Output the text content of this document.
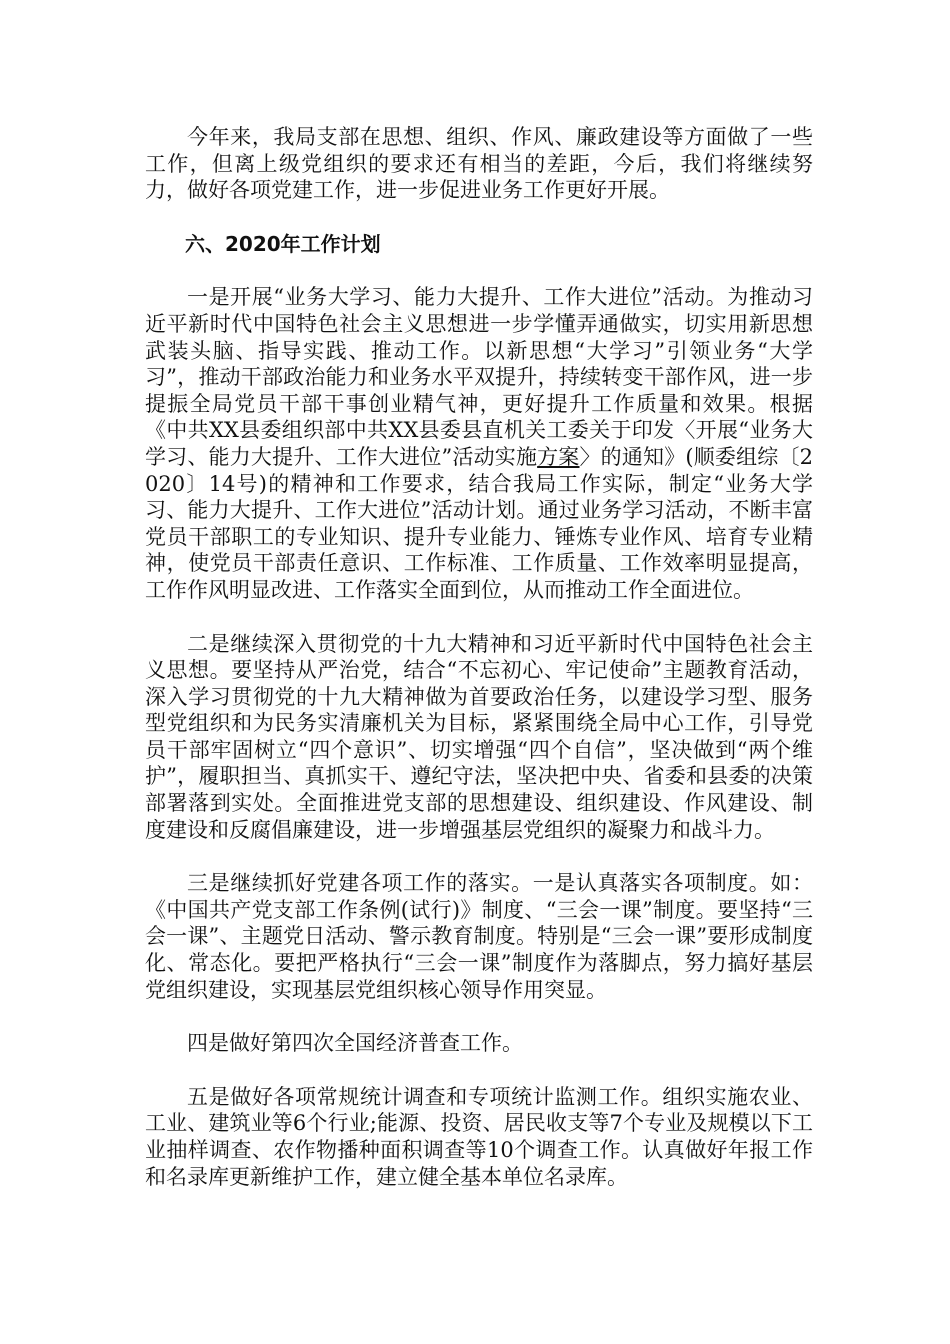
今年来，我局支部在思想、组织、作风、廉政建设等方面做了一些工作，但离上级党组织的要求还有相当的差距，今后，我们将继续努力，做好各项党建工作，进一步促进业务工作更好开展。

六、2020年工作计划

一是开展“业务大学习、能力大提升、工作大进位”活动。为推动习近平新时代中国特色社会主义思想进一步学懂弄通做实，切实用新思想武装头脑、指导实践、推动工作。以新思想“大学习”引领业务“大学习”，推动干部政治能力和业务水平双提升，持续转变干部作风，进一步提振全局党员干部干事创业精气神，更好提升工作质量和效果。根据《中共XX县委组织部中共XX县委县直机关工委关于印发〈开展“业务大学习、能力大提升、工作大进位”活动实施方案〉的通知》(顺委组综〔2020〕14号)的精神和工作要求，结合我局工作实际，制定“业务大学习、能力大提升、工作大进位”活动计划。通过业务学习活动，不断丰富党员干部职工的专业知识、提升专业能力、锤炼专业作风、培育专业精神，使党员干部责任意识、工作标准、工作质量、工作效率明显提高，工作作风明显改进、工作落实全面到位，从而推动工作全面进位。

二是继续深入贯彻党的十九大精神和习近平新时代中国特色社会主义思想。要坚持从严治党，结合“不忘初心、牢记使命”主题教育活动，深入学习贯彻党的十九大精神做为首要政治任务，以建设学习型、服务型党组织和为民务实清廉机关为目标，紧紧围绕全局中心工作，引导党员干部牢固树立“四个意识”、切实增强“四个自信”，坚决做到“两个维护”，履职担当、真抓实干、遵纪守法，坚决把中央、省委和县委的决策部署落到实处。全面推进党支部的思想建设、组织建设、作风建设、制度建设和反腐倡廉建设，进一步增强基层党组织的凝聚力和战斗力。

三是继续抓好党建各项工作的落实。一是认真落实各项制度。如：《中国共产党支部工作条例(试行)》制度、“三会一课”制度。要坚持“三会一课”、主题党日活动、警示教育制度。特别是“三会一课”要形成制度化、常态化。要把严格执行“三会一课”制度作为落脚点，努力搞好基层党组织建设，实现基层党组织核心领导作用突显。

四是做好第四次全国经济普查工作。

五是做好各项常规统计调查和专项统计监测工作。组织实施农业、工业、建筑业等6个行业;能源、投资、居民收支等7个专业及规模以下工业抽样调查、农作物播种面积调查等10个调查工作。认真做好年报工作和名录库更新维护工作，建立健全基本单位名录库。
